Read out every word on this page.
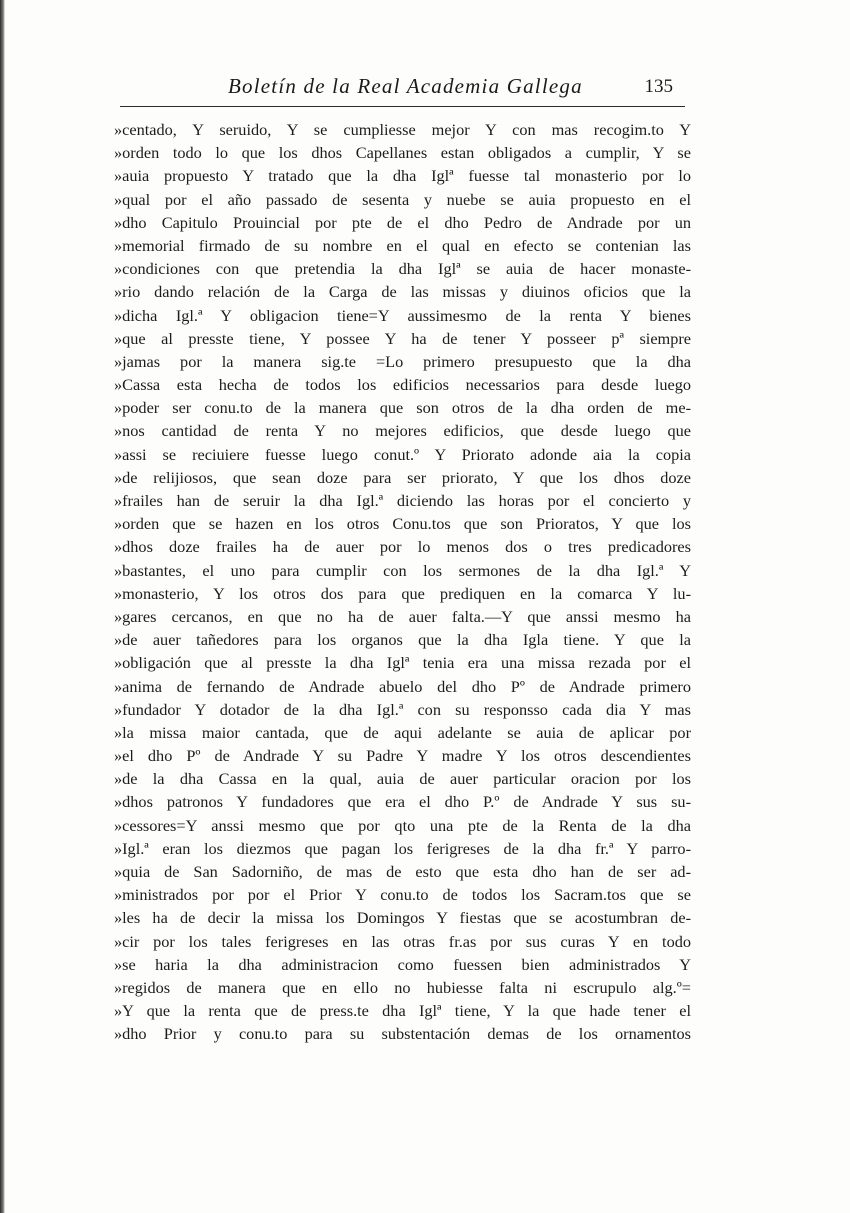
Boletín de la Real Academia Gallega	135
»centado, Y seruido, Y se cumpliesse mejor Y con mas recogim.to Y
»orden todo lo que los dhos Capellanes estan obligados a cumplir, Y se
»auia propuesto Y tratado que la dha Iglª fuesse tal monasterio por lo
»qual por el año passado de sesenta y nuebe se auia propuesto en el
»dho Capitulo Prouincial por pte de el dho Pedro de Andrade por un
»memorial firmado de su nombre en el qual en efecto se contenian las
»condiciones con que pretendia la dha Iglª se auia de hacer monaste-
»rio dando relación de la Carga de las missas y diuinos oficios que la
»dicha Igl.ª Y obligacion tiene=Y aussimesmo de la renta Y bienes
»que al presste tiene, Y possee Y ha de tener Y posseer pª siempre
»jamas por la manera sig.te =Lo primero presupuesto que la dha
»Cassa esta hecha de todos los edificios necessarios para desde luego
»poder ser conu.to de la manera que son otros de la dha orden de me-
»nos cantidad de renta Y no mejores edificios, que desde luego que
»assi se reciuiere fuesse luego conut.º Y Priorato adonde aia la copia
»de relijiosos, que sean doze para ser priorato, Y que los dhos doze
»frailes han de seruir la dha Igl.ª diciendo las horas por el concierto y
»orden que se hazen en los otros Conu.tos que son Prioratos, Y que los
»dhos doze frailes ha de auer por lo menos dos o tres predicadores
»bastantes, el uno para cumplir con los sermones de la dha Igl.ª Y
»monasterio, Y los otros dos para que prediquen en la comarca Y lu-
»gares cercanos, en que no ha de auer falta.—Y que anssi mesmo ha
»de auer tañedores para los organos que la dha Igla tiene. Y que la
»obligación que al presste la dha Iglª tenia era una missa rezada por el
»anima de fernando de Andrade abuelo del dho Pº de Andrade primero
»fundador Y dotador de la dha Igl.ª con su responsso cada dia Y mas
»la missa maior cantada, que de aqui adelante se auia de aplicar por
»el dho Pº de Andrade Y su Padre Y madre Y los otros descendientes
»de la dha Cassa en la qual, auia de auer particular oracion por los
»dhos patronos Y fundadores que era el dho P.º de Andrade Y sus su-
»cessores=Y anssi mesmo que por qto una pte de la Renta de la dha
»Igl.ª eran los diezmos que pagan los ferigreses de la dha fr.ª Y parro-
»quia de San Sadorniño, de mas de esto que esta dho han de ser ad-
»ministrados por por el Prior Y conu.to de todos los Sacram.tos que se
»les ha de decir la missa los Domingos Y fiestas que se acostumbran de-
»cir por los tales ferigreses en las otras fr.as por sus curas Y en todo
»se haria la dha administracion como fuessen bien administrados Y
»regidos de manera que en ello no hubiesse falta ni escrupulo alg.º=
»Y que la renta que de press.te dha Iglª tiene, Y la que hade tener el
»dho Prior y conu.to para su substentación demas de los ornamentos
